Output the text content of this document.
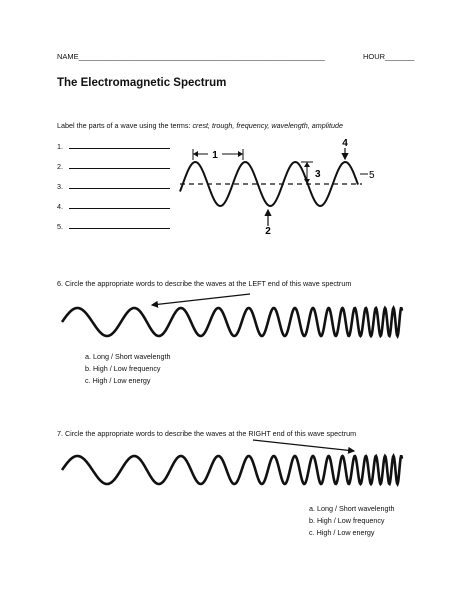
NAME___________________________________________________________	HOUR_______
The Electromagnetic Spectrum
Label the parts of a wave using the terms: crest, trough, frequency, wavelength, amplitude
1.
2.
3.
4.
5.
1
2
3
4
5
6. Circle the appropriate words to describe the waves at the LEFT end of this wave spectrum
a. Long / Short wavelength
b. High / Low frequency
c. High / Low energy
7. Circle the appropriate words to describe the waves at the RIGHT end of this wave spectrum
a. Long / Short wavelength
b. High / Low frequency
c. High / Low energy
